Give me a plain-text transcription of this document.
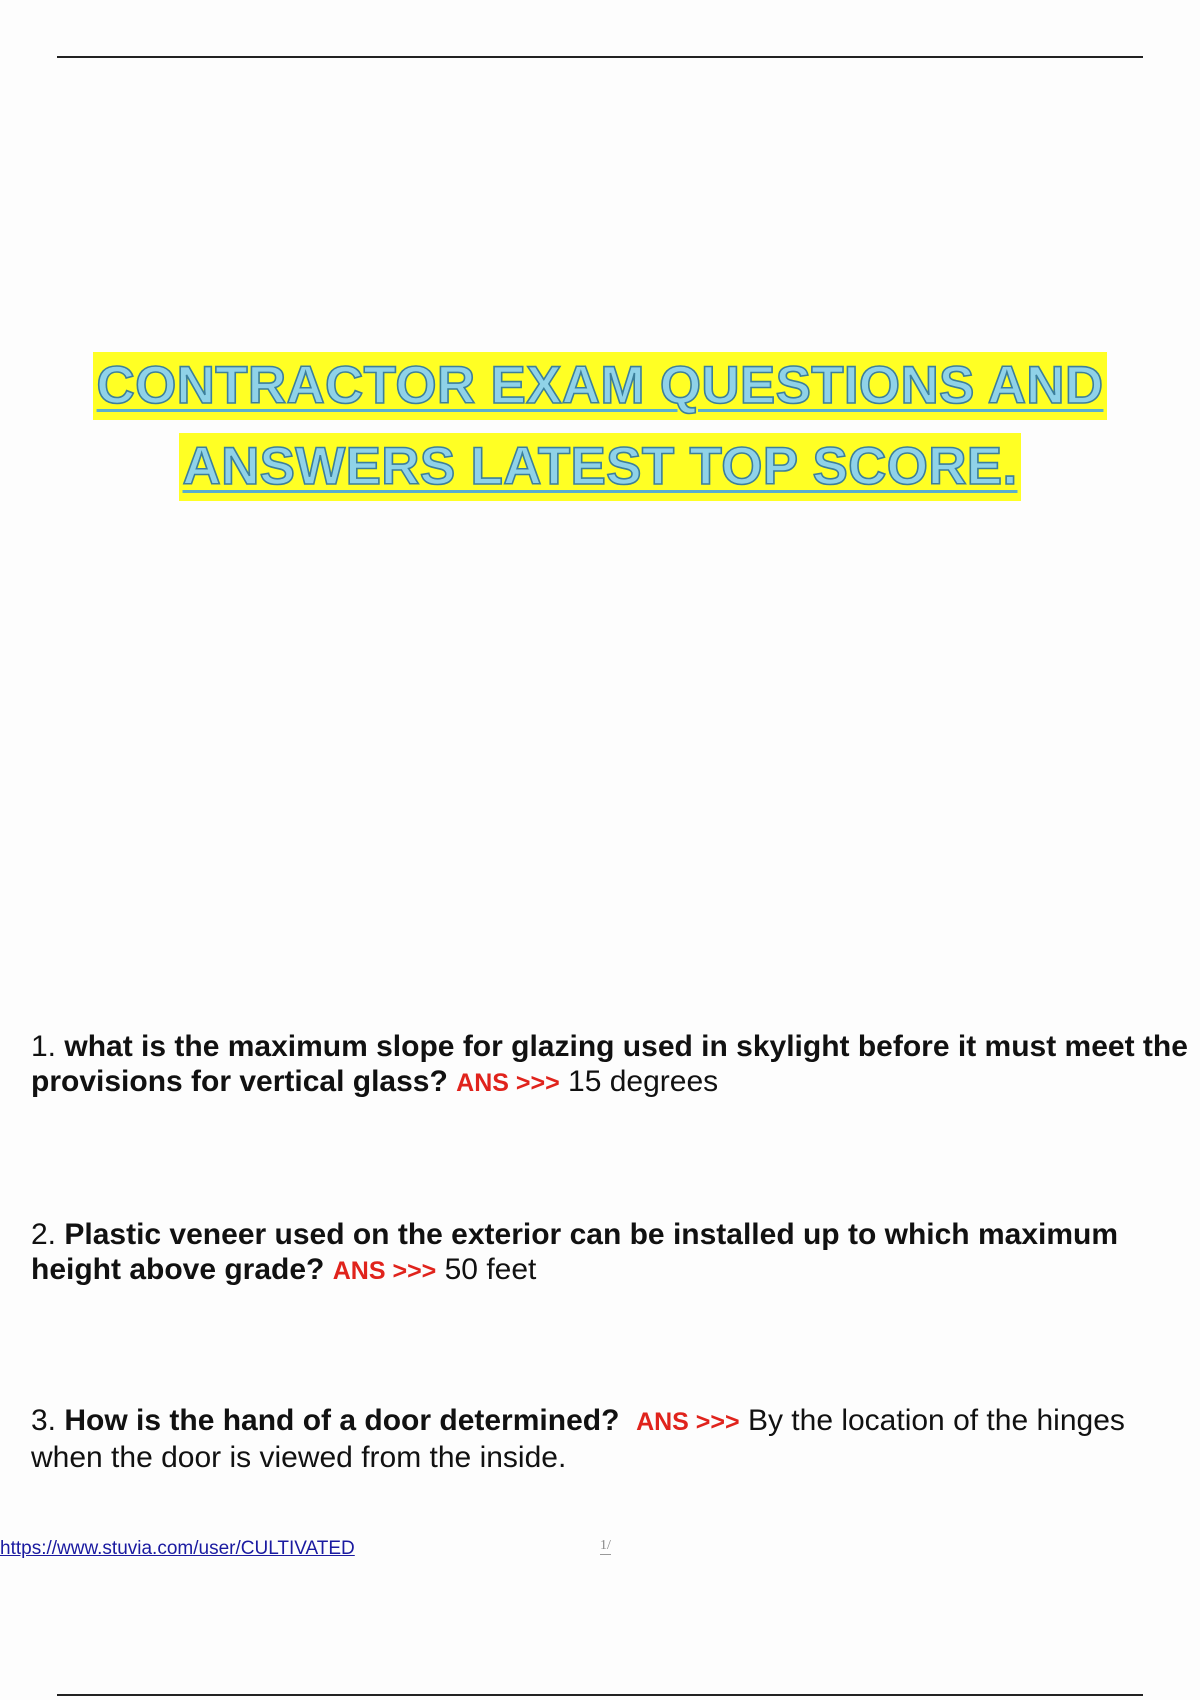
CONTRACTOR EXAM QUESTIONS AND
ANSWERS LATEST TOP SCORE.
1. what is the maximum slope for glazing used in skylight before it must meet the provisions for vertical glass? ANS >>> 15 degrees
2. Plastic veneer used on the exterior can be installed up to which maximum height above grade? ANS >>> 50 feet
3. How is the hand of a door determined? ANS >>> By the location of the hinges when the door is viewed from the inside.
https://www.stuvia.com/user/CULTIVATED	1/
